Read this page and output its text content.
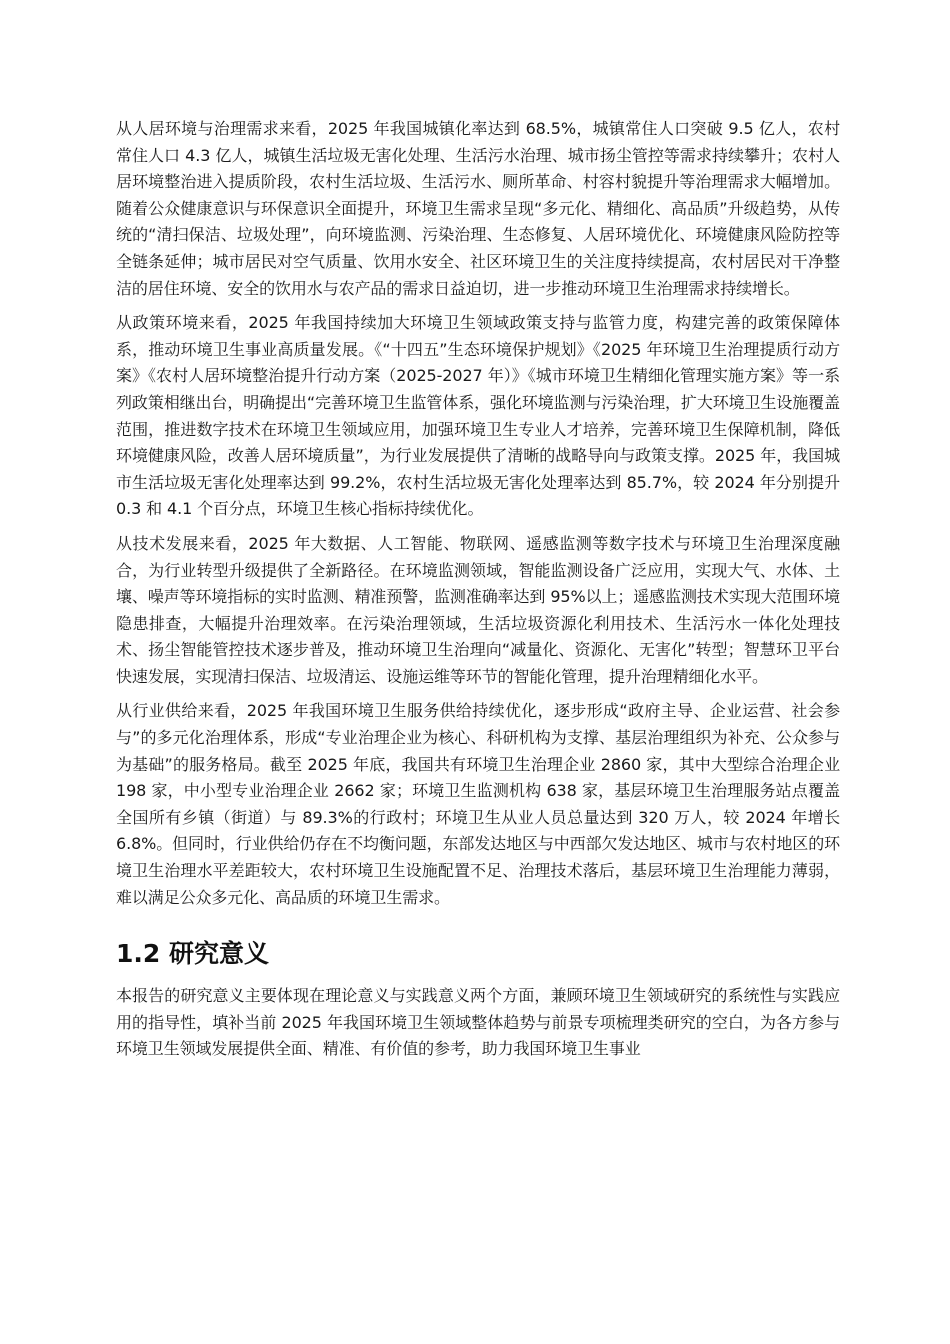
从人居环境与治理需求来看，2025 年我国城镇化率达到 68.5%，城镇常住人口突破 9.5 亿人，农村常住人口 4.3 亿人，城镇生活垃圾无害化处理、生活污水治理、城市扬尘管控等需求持续攀升；农村人居环境整治进入提质阶段，农村生活垃圾、生活污水、厕所革命、村容村貌提升等治理需求大幅增加。随着公众健康意识与环保意识全面提升，环境卫生需求呈现“多元化、精细化、高品质”升级趋势，从传统的“清扫保洁、垃圾处理”，向环境监测、污染治理、生态修复、人居环境优化、环境健康风险防控等全链条延伸；城市居民对空气质量、饮用水安全、社区环境卫生的关注度持续提高，农村居民对干净整洁的居住环境、安全的饮用水与农产品的需求日益迫切，进一步推动环境卫生治理需求持续增长。

从政策环境来看，2025 年我国持续加大环境卫生领域政策支持与监管力度，构建完善的政策保障体系，推动环境卫生事业高质量发展。《“十四五”生态环境保护规划》《2025 年环境卫生治理提质行动方案》《农村人居环境整治提升行动方案（2025-2027 年）》《城市环境卫生精细化管理实施方案》等一系列政策相继出台，明确提出“完善环境卫生监管体系，强化环境监测与污染治理，扩大环境卫生设施覆盖范围，推进数字技术在环境卫生领域应用，加强环境卫生专业人才培养，完善环境卫生保障机制，降低环境健康风险，改善人居环境质量”，为行业发展提供了清晰的战略导向与政策支撑。2025 年，我国城市生活垃圾无害化处理率达到 99.2%，农村生活垃圾无害化处理率达到 85.7%，较 2024 年分别提升 0.3 和 4.1 个百分点，环境卫生核心指标持续优化。

从技术发展来看，2025 年大数据、人工智能、物联网、遥感监测等数字技术与环境卫生治理深度融合，为行业转型升级提供了全新路径。在环境监测领域，智能监测设备广泛应用，实现大气、水体、土壤、噪声等环境指标的实时监测、精准预警，监测准确率达到 95%以上；遥感监测技术实现大范围环境隐患排查，大幅提升治理效率。在污染治理领域，生活垃圾资源化利用技术、生活污水一体化处理技术、扬尘智能管控技术逐步普及，推动环境卫生治理向“减量化、资源化、无害化”转型；智慧环卫平台快速发展，实现清扫保洁、垃圾清运、设施运维等环节的智能化管理，提升治理精细化水平。

从行业供给来看，2025 年我国环境卫生服务供给持续优化，逐步形成“政府主导、企业运营、社会参与”的多元化治理体系，形成“专业治理企业为核心、科研机构为支撑、基层治理组织为补充、公众参与为基础”的服务格局。截至 2025 年底，我国共有环境卫生治理企业 2860 家，其中大型综合治理企业 198 家，中小型专业治理企业 2662 家；环境卫生监测机构 638 家，基层环境卫生治理服务站点覆盖全国所有乡镇（街道）与 89.3%的行政村；环境卫生从业人员总量达到 320 万人，较 2024 年增长 6.8%。但同时，行业供给仍存在不均衡问题，东部发达地区与中西部欠发达地区、城市与农村地区的环境卫生治理水平差距较大，农村环境卫生设施配置不足、治理技术落后，基层环境卫生治理能力薄弱，难以满足公众多元化、高品质的环境卫生需求。

1.2 研究意义

本报告的研究意义主要体现在理论意义与实践意义两个方面，兼顾环境卫生领域研究的系统性与实践应用的指导性，填补当前 2025 年我国环境卫生领域整体趋势与前景专项梳理类研究的空白，为各方参与环境卫生领域发展提供全面、精准、有价值的参考，助力我国环境卫生事业
